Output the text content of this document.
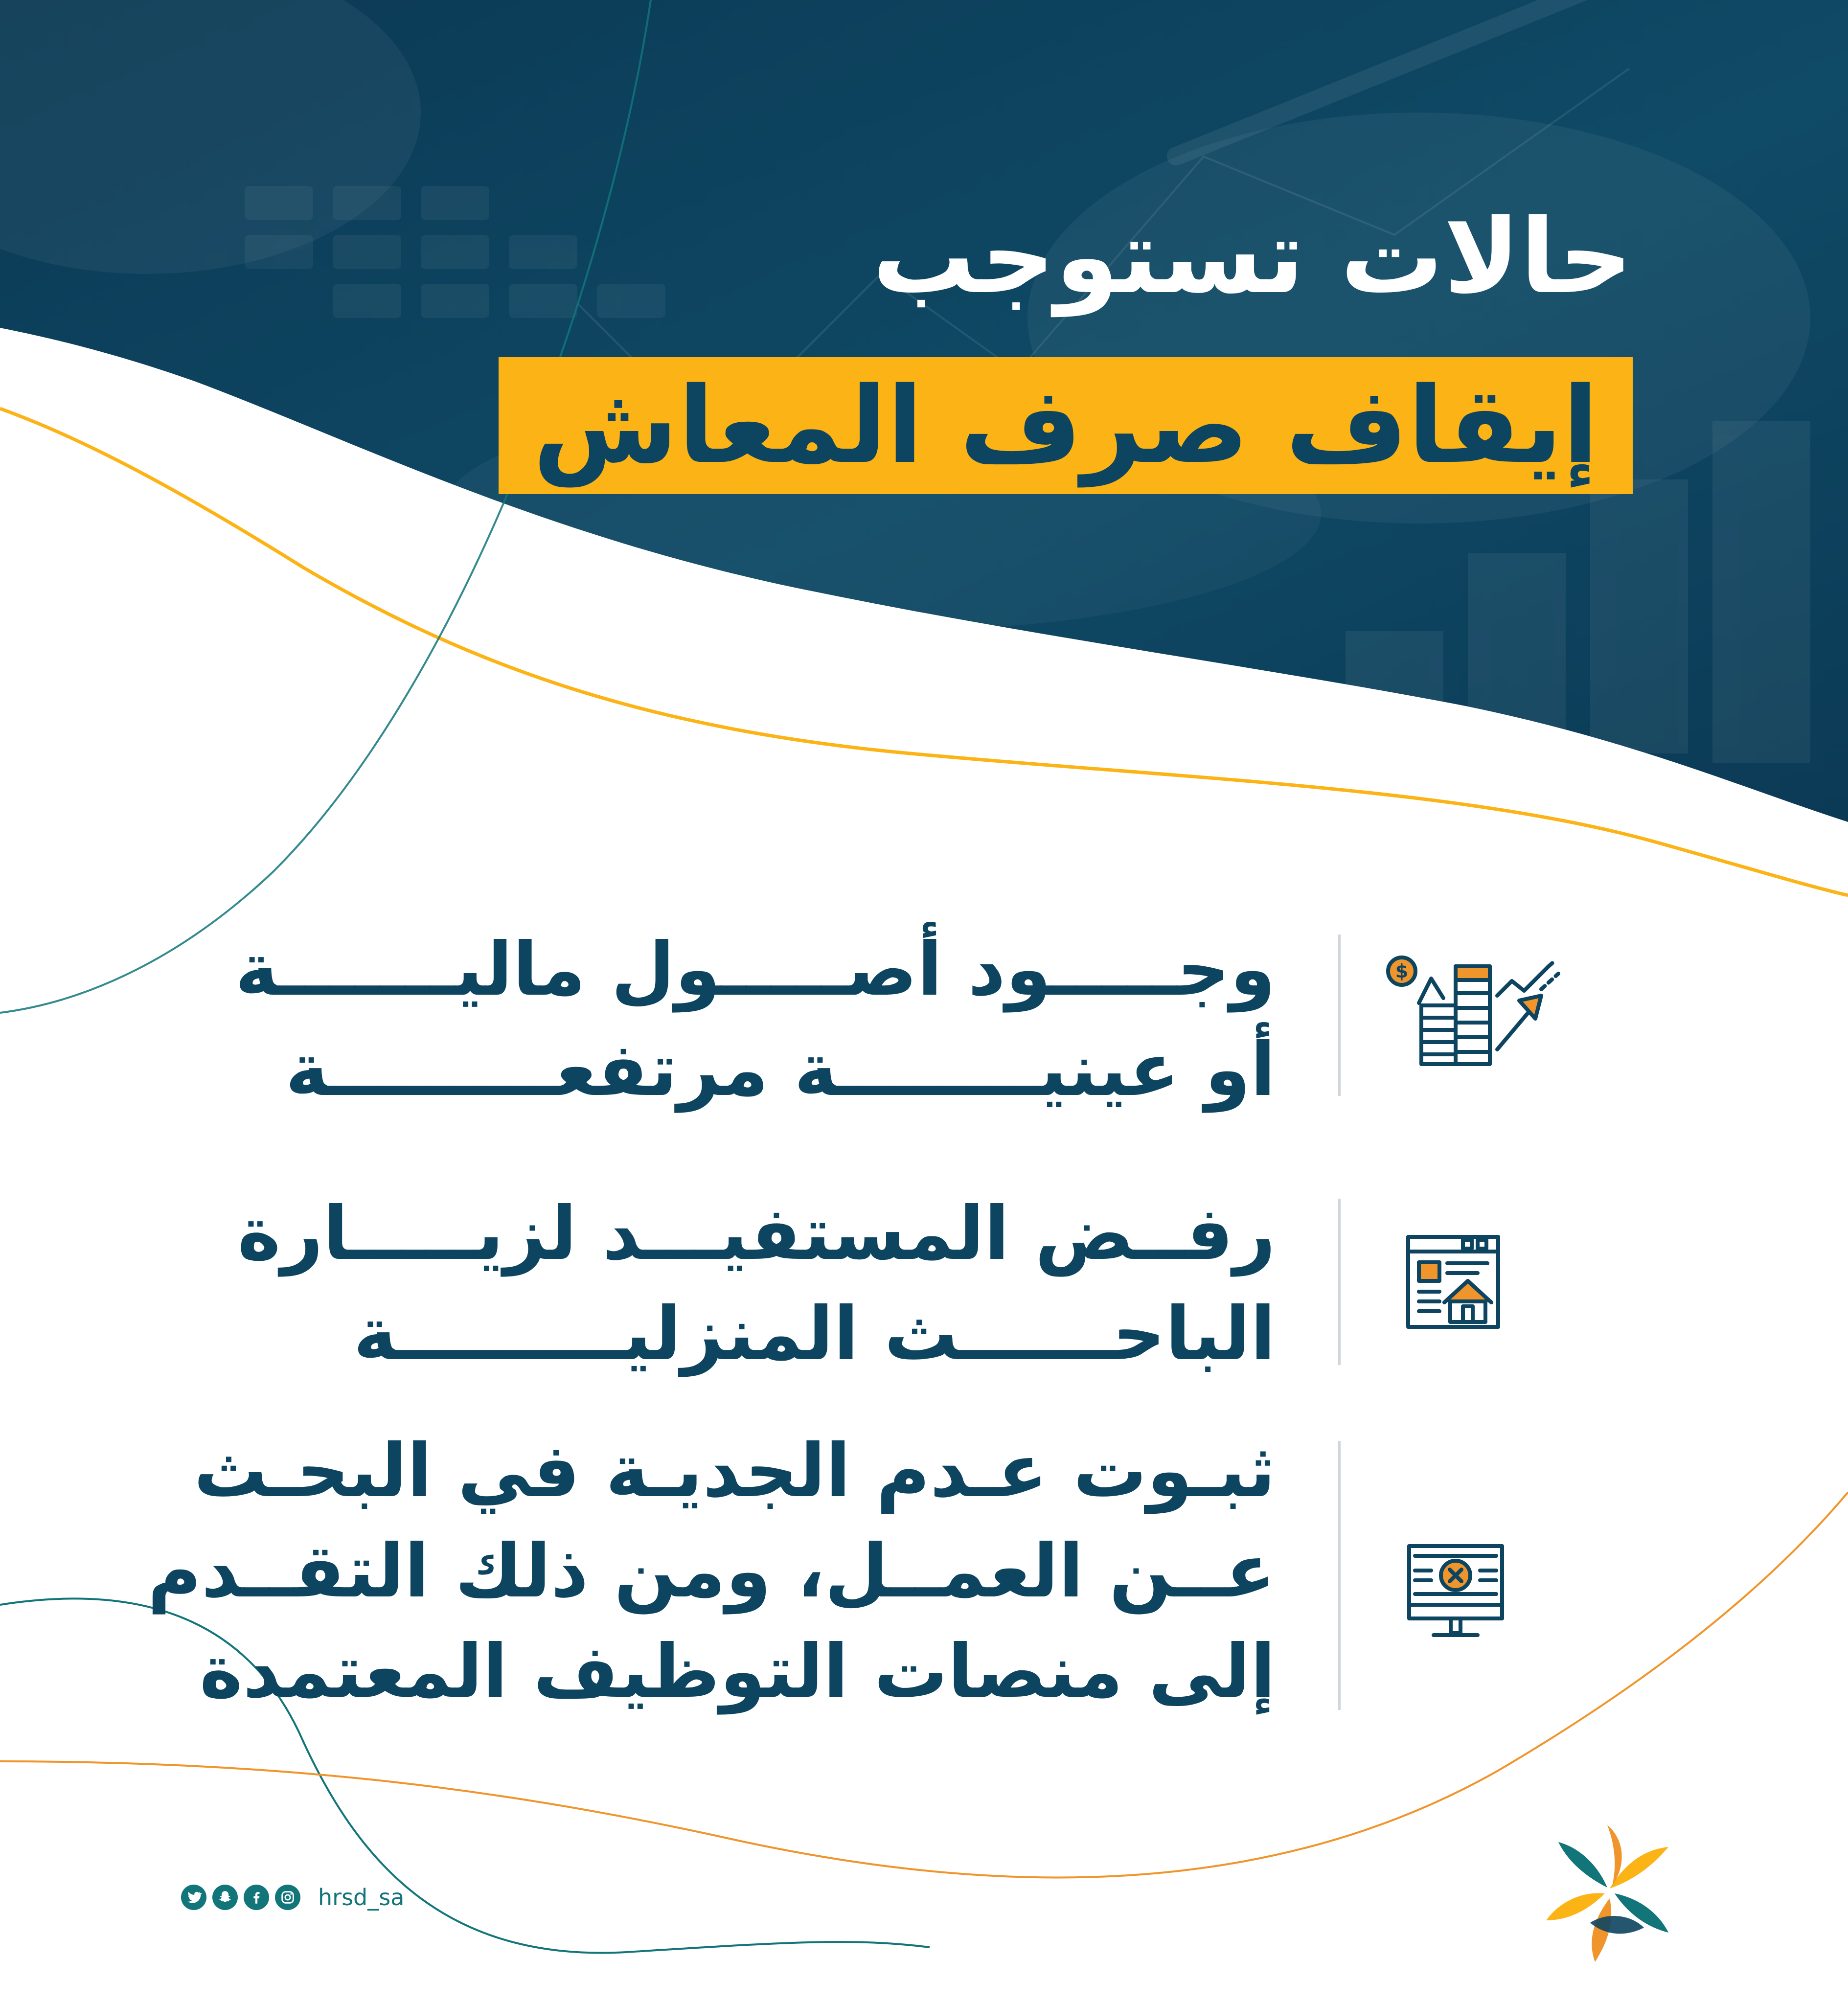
حالات تستوجب
إيقاف صرف المعاش

وجـــــود أصـــــول ماليـــــــة
أو عينيــــــــة مرتفعـــــــــة

$

رفــض المستفيـــد لزيـــــارة
الباحــــــث المنزليـــــــــة

ثبـوت عـدم الجديـة في البحـث
عــن العمــل، ومن ذلك التقــدم
إلى منصات التوظيف المعتمدة

hrsd_sa
